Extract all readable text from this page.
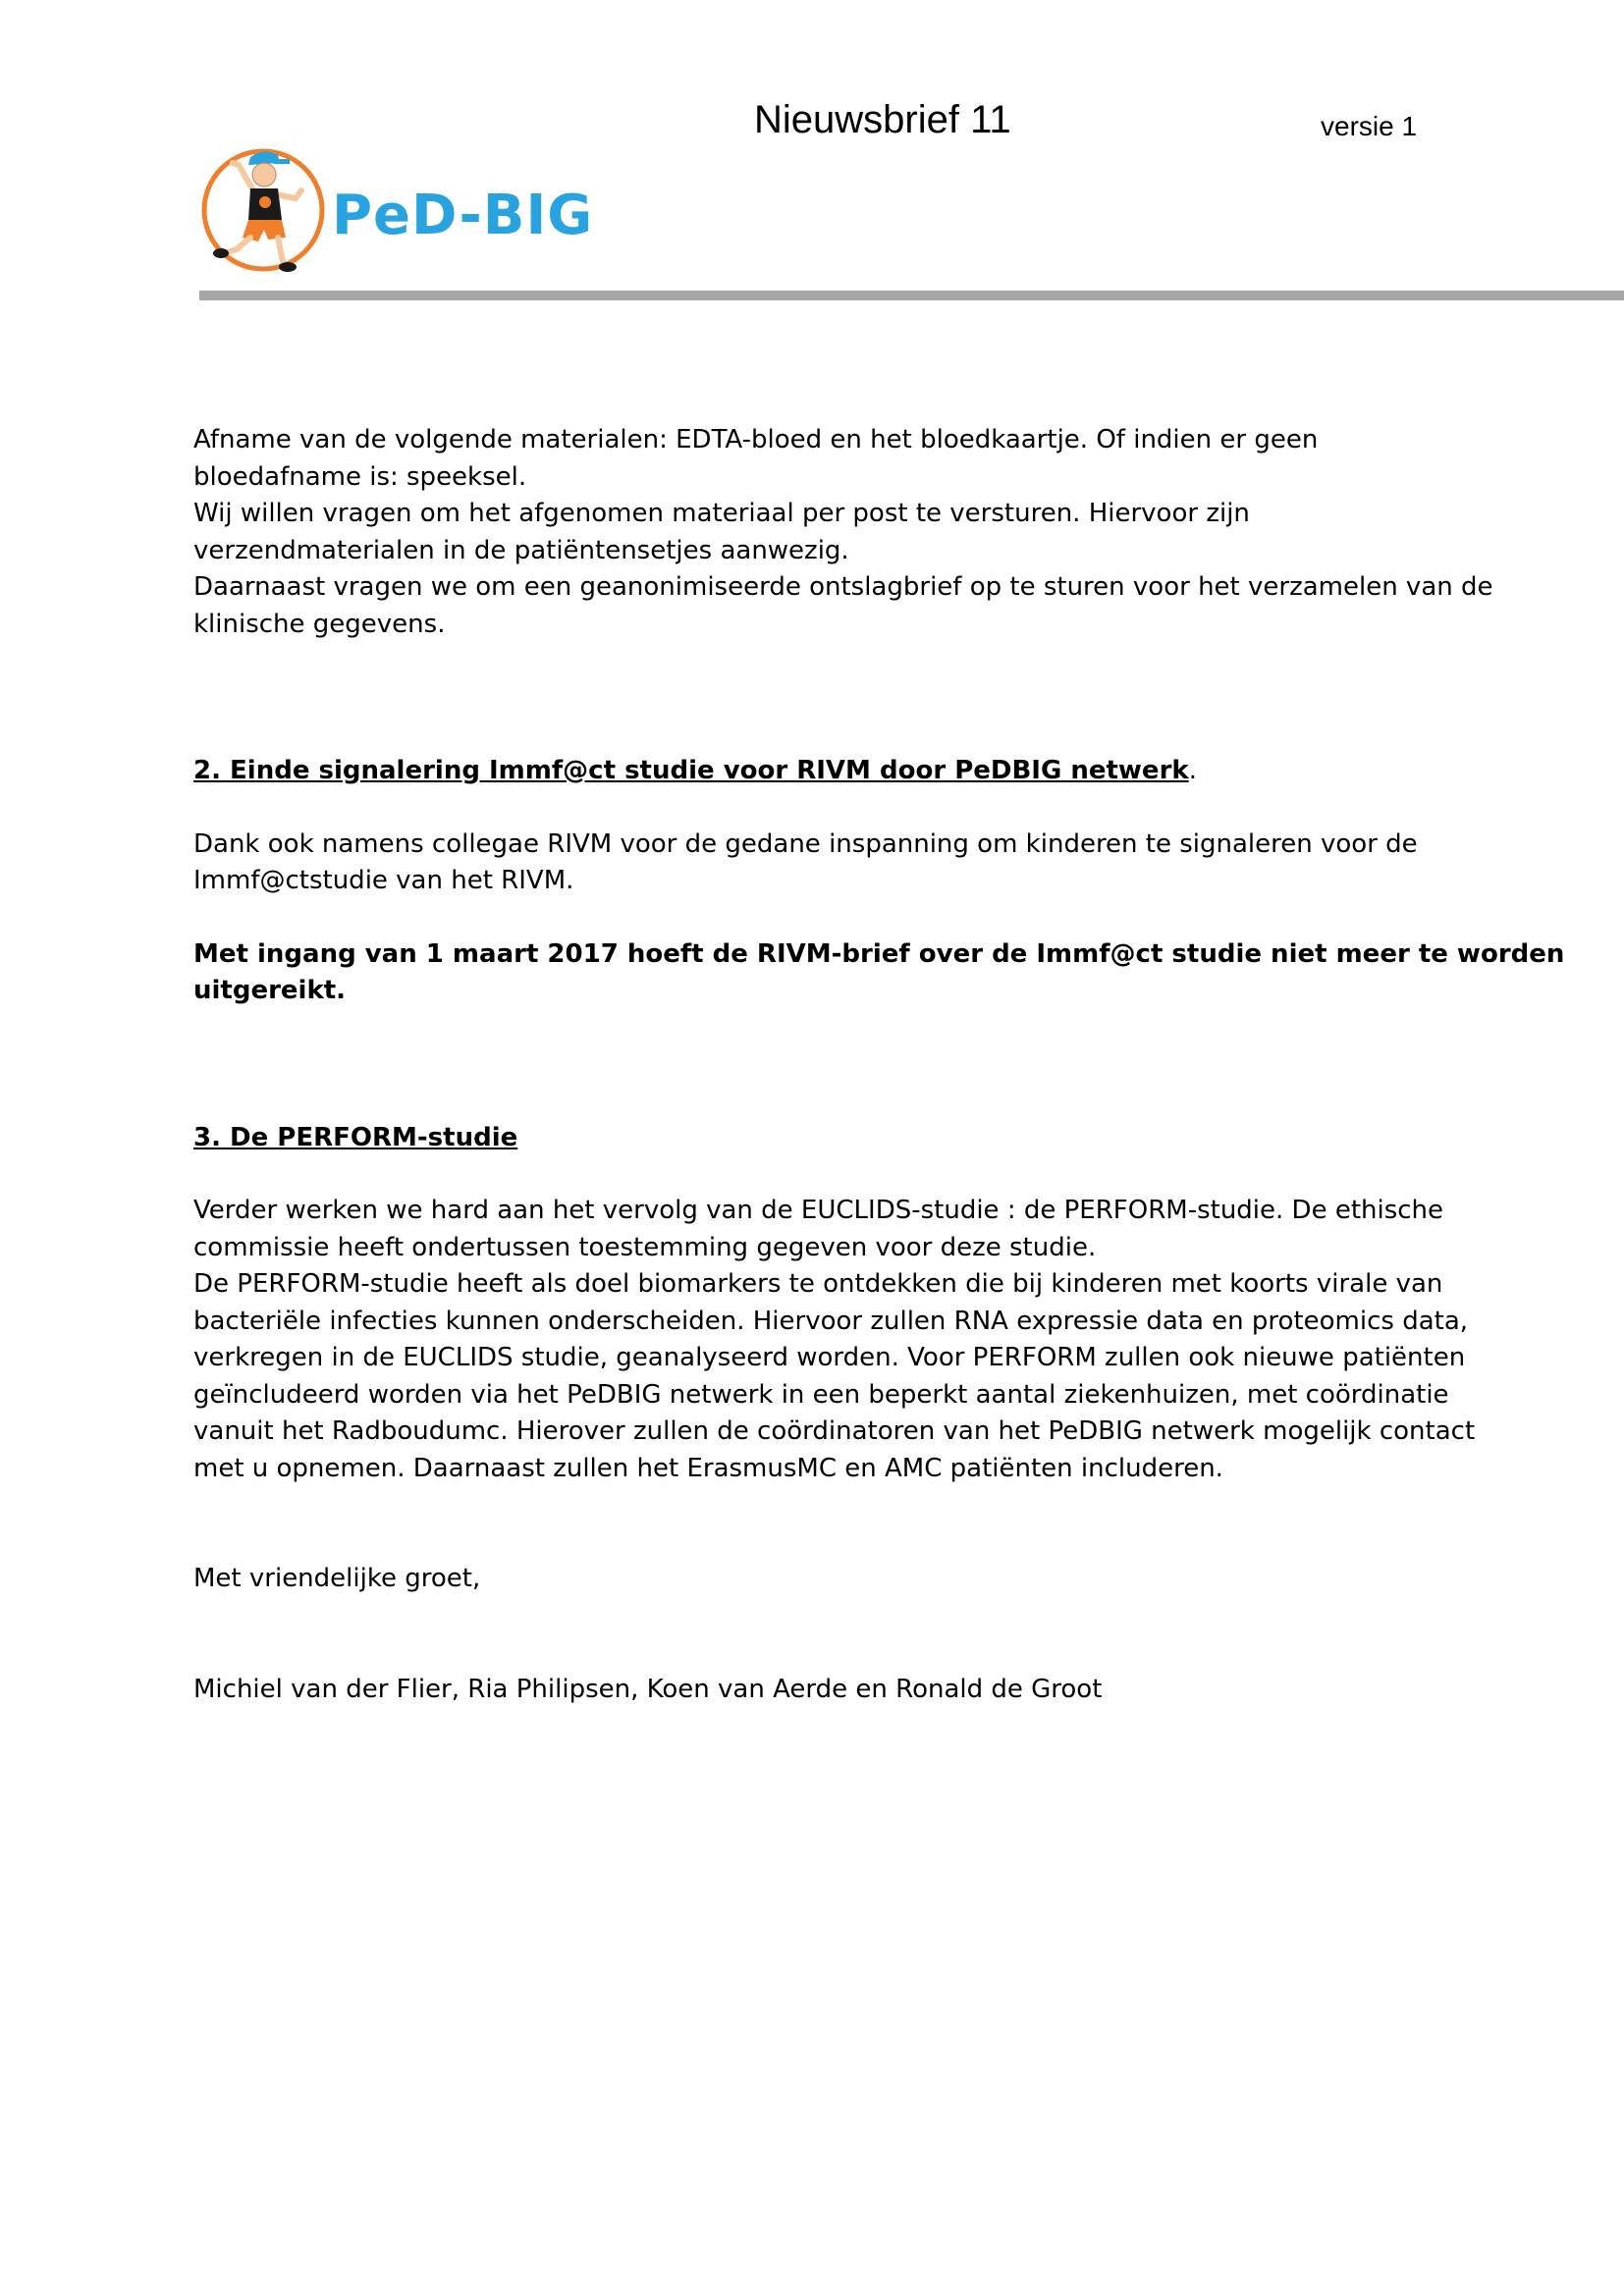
Nieuwsbrief 11	versie 1
PeD-BIG

Afname van de volgende materialen: EDTA-bloed en het bloedkaartje. Of indien er geen
bloedafname is: speeksel.
Wij willen vragen om het afgenomen materiaal per post te versturen. Hiervoor zijn
verzendmaterialen in de patiëntensetjes aanwezig.
Daarnaast vragen we om een geanonimiseerde ontslagbrief op te sturen voor het verzamelen van de
klinische gegevens.

2. Einde signalering Immf@ct studie voor RIVM door PeDBIG netwerk.

Dank ook namens collegae RIVM voor de gedane inspanning om kinderen te signaleren voor de
Immf@ctstudie van het RIVM.

Met ingang van 1 maart 2017 hoeft de RIVM-brief over de Immf@ct studie niet meer te worden
uitgereikt.

3. De PERFORM-studie

Verder werken we hard aan het vervolg van de EUCLIDS-studie : de PERFORM-studie. De ethische
commissie heeft ondertussen toestemming gegeven voor deze studie.
De PERFORM-studie heeft als doel biomarkers te ontdekken die bij kinderen met koorts virale van
bacteriële infecties kunnen onderscheiden. Hiervoor zullen RNA expressie data en proteomics data,
verkregen in de EUCLIDS studie, geanalyseerd worden. Voor PERFORM zullen ook nieuwe patiënten
geïncludeerd worden via het PeDBIG netwerk in een beperkt aantal ziekenhuizen, met coördinatie
vanuit het Radboudumc. Hierover zullen de coördinatoren van het PeDBIG netwerk mogelijk contact
met u opnemen. Daarnaast zullen het ErasmusMC en AMC patiënten includeren.

Met vriendelijke groet,

Michiel van der Flier, Ria Philipsen, Koen van Aerde en Ronald de Groot
